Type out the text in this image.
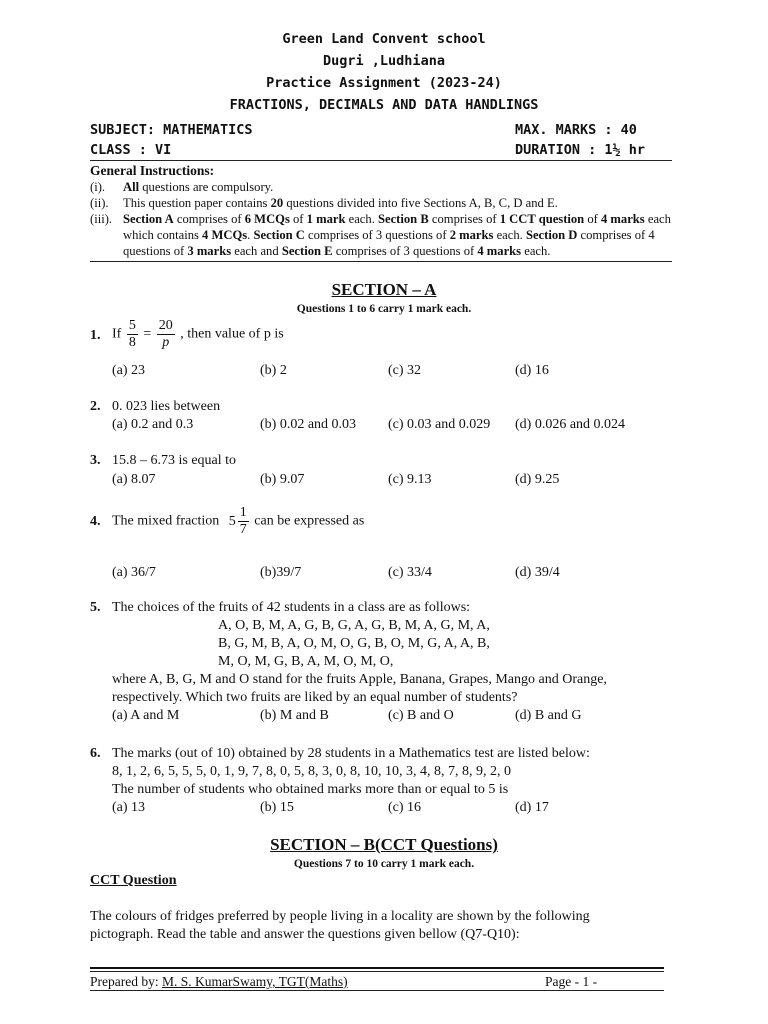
Green Land Convent school
Dugri ,Ludhiana
Practice Assignment (2023-24)
FRACTIONS, DECIMALS AND DATA HANDLINGS
SUBJECT: MATHEMATICS	MAX. MARKS : 40
CLASS : VI	DURATION : 1½ hr
General Instructions:
(i).	All questions are compulsory.
(ii).	This question paper contains 20 questions divided into five Sections A, B, C, D and E.
(iii). Section A comprises of 6 MCQs of 1 mark each. Section B comprises of 1 CCT question of 4 marks each which contains 4 MCQs. Section C comprises of 3 questions of 2 marks each. Section D comprises of 4 questions of 3 marks each and Section E comprises of 3 questions of 4 marks each.
SECTION – A
Questions 1 to 6 carry 1 mark each.
1. If $\frac{5}{8} = \frac{20}{p}$ , then value of p is
(a) 23	(b) 2	(c) 32	(d) 16
2. 0. 023 lies between
(a) 0.2 and 0.3	(b) 0.02 and 0.03 (c) 0.03 and 0.029 (d) 0.026 and 0.024
3. 15.8 – 6.73 is equal to
(a) 8.07	(b) 9.07	(c) 9.13	(d) 9.25
4. The mixed fraction $5 \frac{1}{7}$ can be expressed as
(a) 36/7	(b)39/7	(c) 33/4	(d) 39/4
5. The choices of the fruits of 42 students in a class are as follows:
A, O, B, M, A, G, B, G, A, G, B, M, A, G, M, A,
B, G, M, B, A, O, M, O, G, B, O, M, G, A, A, B,
M, O, M, G, B, A, M, O, M, O,
where A, B, G, M and O stand for the fruits Apple, Banana, Grapes, Mango and Orange,
respectively. Which two fruits are liked by an equal number of students?
(a) A and M	(b) M and B	(c) B and O	(d) B and G
6. The marks (out of 10) obtained by 28 students in a Mathematics test are listed below:
8, 1, 2, 6, 5, 5, 5, 0, 1, 9, 7, 8, 0, 5, 8, 3, 0, 8, 10, 10, 3, 4, 8, 7, 8, 9, 2, 0
The number of students who obtained marks more than or equal to 5 is
(a) 13	(b) 15	(c) 16	(d) 17
SECTION – B(CCT Questions)
Questions 7 to 10 carry 1 mark each.
CCT Question
The colours of fridges preferred by people living in a locality are shown by the following
pictograph. Read the table and answer the questions given bellow (Q7-Q10):
Prepared by: M. S. KumarSwamy, TGT(Maths)	Page - 1 -
